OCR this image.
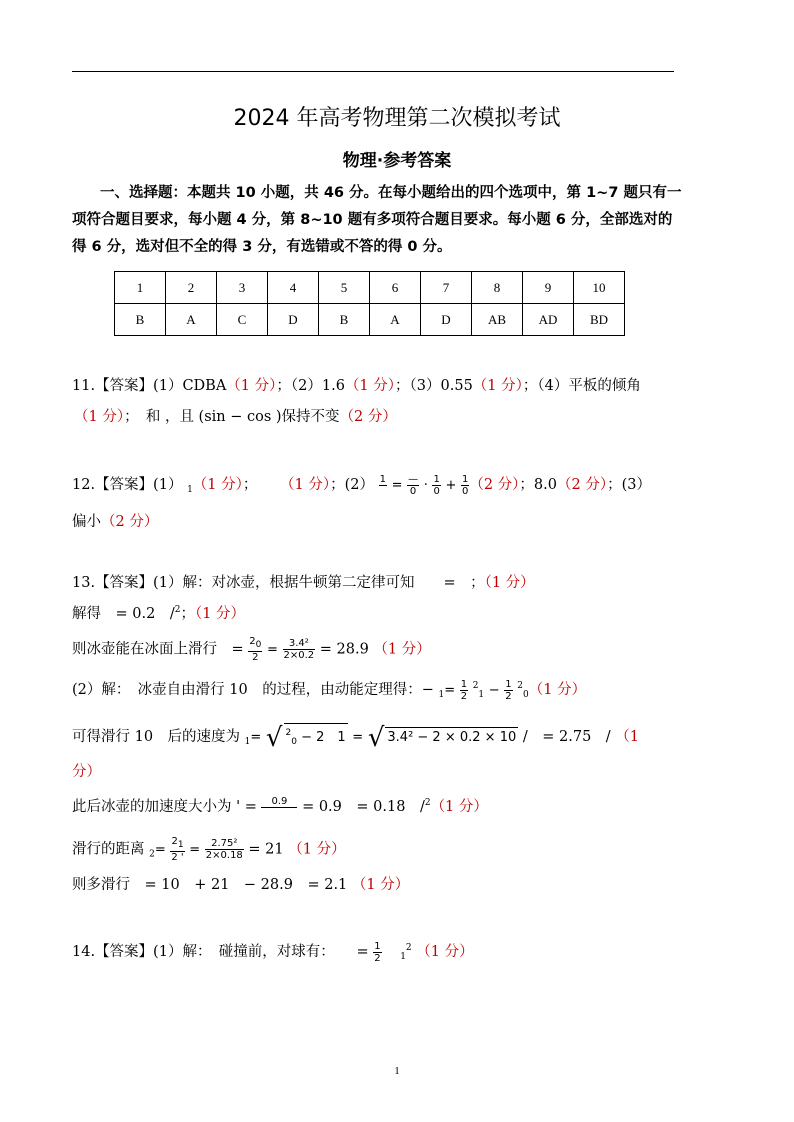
2024 年高考物理第二次模拟考试
物理·参考答案
一、选择题：本题共 10 小题，共 46 分。在每小题给出的四个选项中，第 1~7 题只有一项符合题目要求，每小题 4 分，第 8~10 题有多项符合题目要求。每小题 6 分，全部选对的得 6 分，选对但不全的得 3 分，有选错或不答的得 0 分。
1	2	3	4	5	6	7	8	9	10
B	A	C	D	B	A	D	AB	AD	BD
11.【答案】(1）CDBA（1 分）；（2）1.6（1 分）；（3）0.55（1 分）；（4）平板的倾角
（1 分）；　和 ，且 (sin − cos )保持不变（2 分）
12.【答案】(1） $_1$（1 分）； （1 分）；(2） 1
= $\frac{—}{0} \cdot \frac{1}{0} + \frac{1}{0} (2$ 分）；8.0（2 分）；(3）
偏小（2 分）
13.【答案】(1）解：对冰壶，根据牛顿第二定律可知　　=　；（1 分）
解得　= 0.2　/$^2$；（1 分）
则冰壶能在冰面上滑行　= $\frac{20}{2} = \frac{\text{3.4²}}{2\times 0.2} = 28.9$ （1 分）
(2）解：　冰壶自由滑行 10　的过程，由动能定理得：− $_1= \frac{1}{2} ^2_1 - \frac{1}{2} ^2_0(1$ 分）
可得滑行 10　后的速度为 $_1$= √ $^2_0$ − 2　1 = √ 3.4² − 2 × 0.2 × 10 /　= 2.75　/ （1
分）
此后冰壶的加速度大小为 ' =	0.9
	= 0.9　= 0.18　/$^2$（1 分）
滑行的距离 $_2= \frac{21}{2 '} = \frac{\text{2.75²}}{2\times 0.18} = 21$ （1 分）
则多滑行　= 10　+ 21　− 28.9　= 2.1 （1 分）
14.【答案】(1）解：　碰撞前，对球有：　　= $\frac{1}{2} _1^2$ （1 分）
1
